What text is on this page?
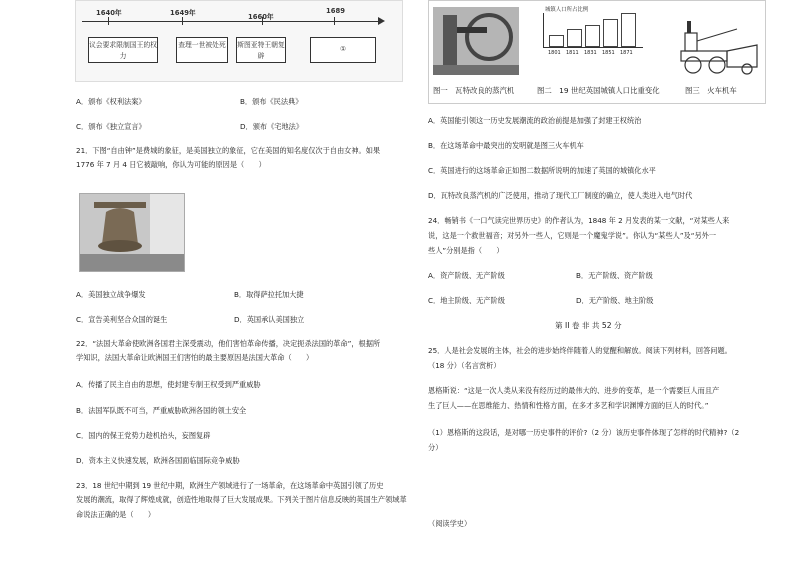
1640年	1649年	1660年
1689
议会要求限制国王的权力
查理一世被处死	斯图亚特王朝复辟
①
A．颁布《权利法案》	B．颁布《民法典》
C．颁布《独立宣言》	D．颁布《宅地法》
21．下图“自由钟”是费城的象征，是美国独立的象征，它在美国的知名度仅次于自由女神。如果
1776 年 7 月 4 日它被敲响，你认为可能的原因是（　　）
A．美国独立战争爆发	B．取得萨拉托加大捷
C．宣告美利坚合众国的诞生	D．英国承认美国独立
22．“法国大革命使欧洲各国君主深受震动，他们害怕革命传播，决定扼杀法国的革命”，根据所
学知识，法国大革命让欧洲国王们害怕的最主要原因是法国大革命（　　）
A．传播了民主自由的思想，使封建专制王权受到严重威胁
B．法国军队既不可当，严重威胁欧洲各国的领土安全
C．国内的保王党势力趁机抬头，妄图复辟
D．资本主义快速发展，欧洲各国面临国际竞争威胁
23．18 世纪中期到 19 世纪中期，欧洲生产领域进行了一场革命，在这场革命中英国引领了历史
发展的潮流，取得了辉煌成就，创造性地取得了巨大发展成果。下列关于图片信息反映的英国生产领域革
命说法正确的是（　　）
城镇人口所占比例
1801 1811 1831 1851 1871
图一　瓦特改良的蒸汽机	图二　19 世纪英国城镇人口比重变化	图三　火车机车
A．英国能引领这一历史发展潮流的政治前提是加强了封建王权统治
B．在这场革命中最突出的发明就是图三火车机车
C．英国进行的这场革命正如图二数据所说明的加速了英国的城镇化水平
D．瓦特改良蒸汽机的广泛使用，推动了现代工厂制度的确立，使人类进入电气时代
24．畅销书《一口气读完世界历史》的作者认为，1848 年 2 月发表的某一文献，“对某些人来
说，这是一个救世福音；对另外一些人，它则是一个魔鬼学说”。你认为“某些人”及“另外一
些人”分别是指（　　）
A．资产阶级、无产阶级	B．无产阶级、资产阶级
C．地主阶级、无产阶级	D．无产阶级、地主阶级
第 II 卷 非 共 52 分
25．人是社会发展的主体，社会的进步始终伴随着人的觉醒和解放。阅读下列材料，回答问题。
（18 分）（名言赏析）
恩格斯说：“这是一次人类从来没有经历过的最伟大的、进步的变革，是一个需要巨人而且产
生了巨人——在思维能力、热情和性格方面，在多才多艺和学识渊博方面的巨人的时代。”
（1）恩格斯的这段话，是对哪一历史事件的评价?（2 分）该历史事件体现了怎样的时代精神?（2
分）
（阅读学史）
